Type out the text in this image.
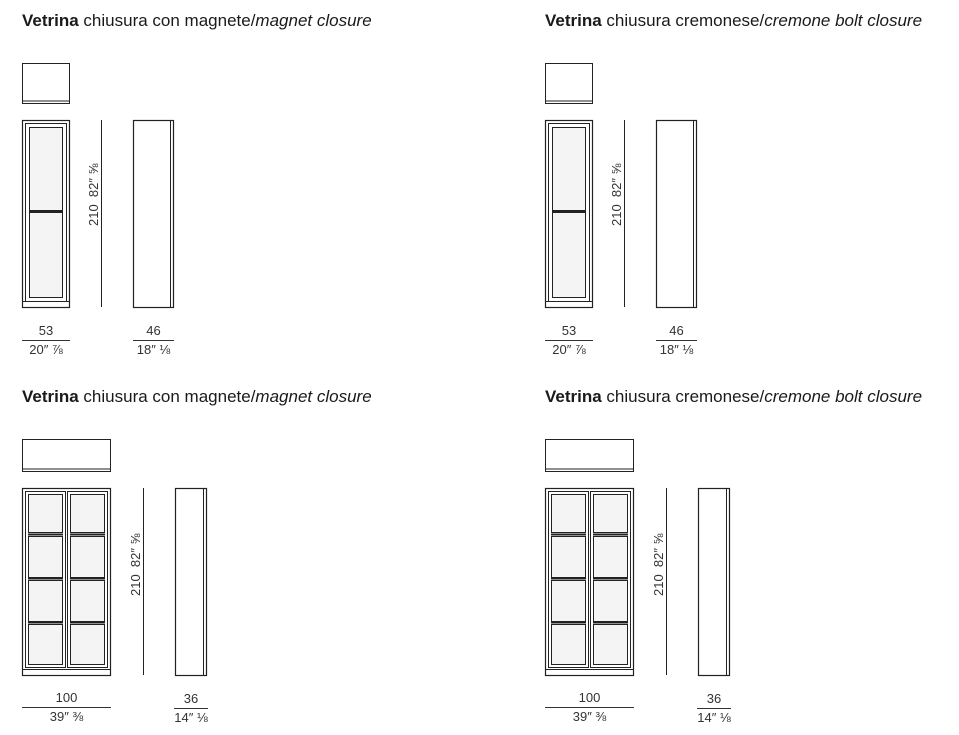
Vetrina chiusura con magnete/magnet closure
210  82″ ⅝
53
20″ ⅞
46
18″ ⅛
Vetrina chiusura cremonese/cremone bolt closure
210  82″ ⅝
53
20″ ⅞
46
18″ ⅛
Vetrina chiusura con magnete/magnet closure
210  82″ ⅝
100
39″ ⅜
36
14″ ⅛
Vetrina chiusura cremonese/cremone bolt closure
210  82″ ⅝
100
39″ ⅜
36
14″ ⅛
